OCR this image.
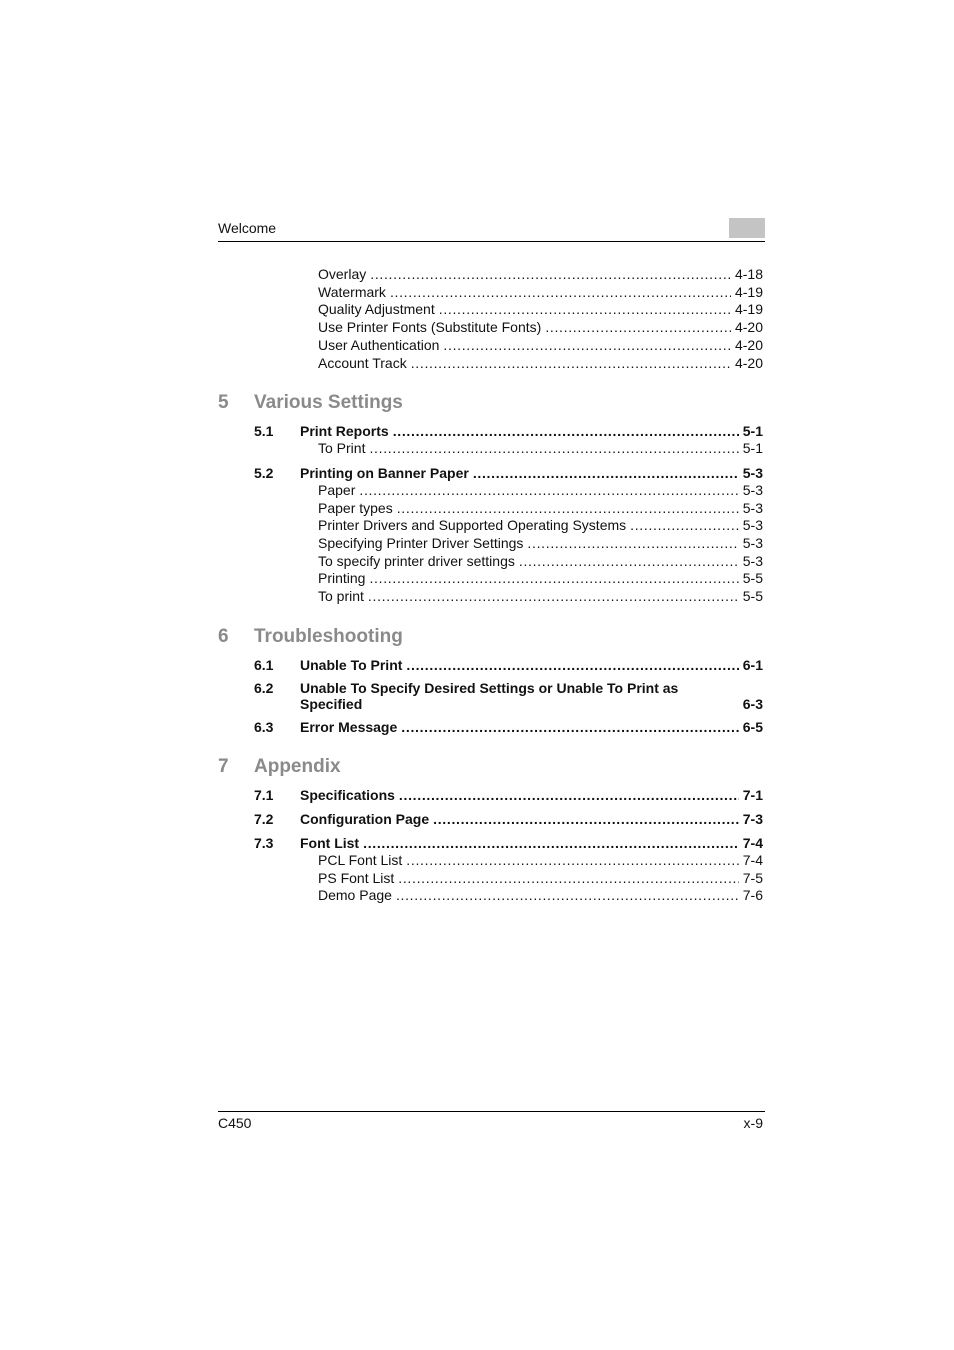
Welcome
Overlay . . .	4-18
Watermark . . .	4-19
Quality Adjustment . . .	4-19
Use Printer Fonts (Substitute Fonts) . . .	4-20
User Authentication . . .	4-20
Account Track . . .	4-20
5	Various Settings
5.1	Print Reports . . .	5-1
To Print . . .	5-1
5.2	Printing on Banner Paper . . .	5-3
Paper . . .	5-3
Paper types . . .	5-3
Printer Drivers and Supported Operating Systems . . .	5-3
Specifying Printer Driver Settings . . .	5-3
To specify printer driver settings . . .	5-3
Printing . . .	5-5
To print . . .	5-5
6	Troubleshooting
6.1	Unable To Print . . .	6-1
6.2	Unable To Specify Desired Settings or Unable To Print as
Specified	6-3
6.3	Error Message . . .	6-5
7	Appendix
7.1	Specifications . . .	7-1
7.2	Configuration Page . . .	7-3
7.3	Font List . . .	7-4
PCL Font List . . .	7-4
PS Font List . . .	7-5
Demo Page . . .	7-6
C450	x-9
